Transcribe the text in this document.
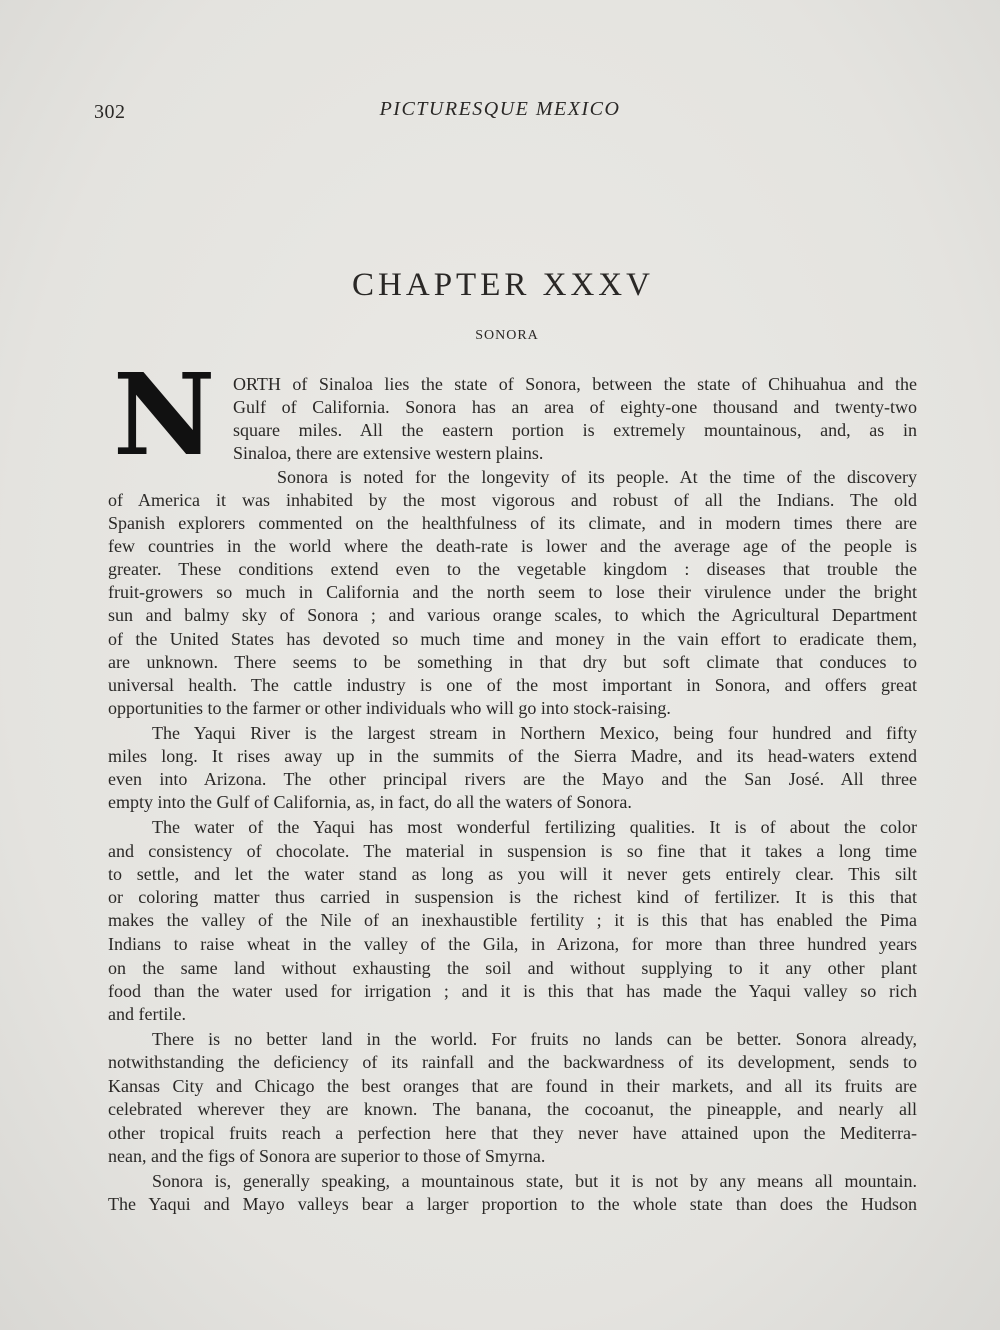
302	PICTURESQUE MEXICO
CHAPTER XXXV
SONORA
N ORTH of Sinaloa lies the state of Sonora, between the state of Chihuahua and the
Gulf of California. Sonora has an area of eighty-one thousand and twenty-two
square miles. All the eastern portion is extremely mountainous, and, as in
Sinaloa, there are extensive western plains.
Sonora is noted for the longevity of its people. At the time of the discovery
of America it was inhabited by the most vigorous and robust of all the Indians. The old
Spanish explorers commented on the healthfulness of its climate, and in modern times there are
few countries in the world where the death-rate is lower and the average age of the people is
greater. These conditions extend even to the vegetable kingdom : diseases that trouble the
fruit-growers so much in California and the north seem to lose their virulence under the bright
sun and balmy sky of Sonora ; and various orange scales, to which the Agricultural Department
of the United States has devoted so much time and money in the vain effort to eradicate them,
are unknown. There seems to be something in that dry but soft climate that conduces to
universal health. The cattle industry is one of the most important in Sonora, and offers great
opportunities to the farmer or other individuals who will go into stock-raising.
The Yaqui River is the largest stream in Northern Mexico, being four hundred and fifty
miles long. It rises away up in the summits of the Sierra Madre, and its head-waters extend
even into Arizona. The other principal rivers are the Mayo and the San José. All three
empty into the Gulf of California, as, in fact, do all the waters of Sonora.
The water of the Yaqui has most wonderful fertilizing qualities. It is of about the color
and consistency of chocolate. The material in suspension is so fine that it takes a long time
to settle, and let the water stand as long as you will it never gets entirely clear. This silt
or coloring matter thus carried in suspension is the richest kind of fertilizer. It is this that
makes the valley of the Nile of an inexhaustible fertility ; it is this that has enabled the Pima
Indians to raise wheat in the valley of the Gila, in Arizona, for more than three hundred years
on the same land without exhausting the soil and without supplying to it any other plant
food than the water used for irrigation ; and it is this that has made the Yaqui valley so rich
and fertile.
There is no better land in the world. For fruits no lands can be better. Sonora already,
notwithstanding the deficiency of its rainfall and the backwardness of its development, sends to
Kansas City and Chicago the best oranges that are found in their markets, and all its fruits are
celebrated wherever they are known. The banana, the cocoanut, the pineapple, and nearly all
other tropical fruits reach a perfection here that they never have attained upon the Mediterra-
nean, and the figs of Sonora are superior to those of Smyrna.
Sonora is, generally speaking, a mountainous state, but it is not by any means all mountain.
The Yaqui and Mayo valleys bear a larger proportion to the whole state than does the Hudson
